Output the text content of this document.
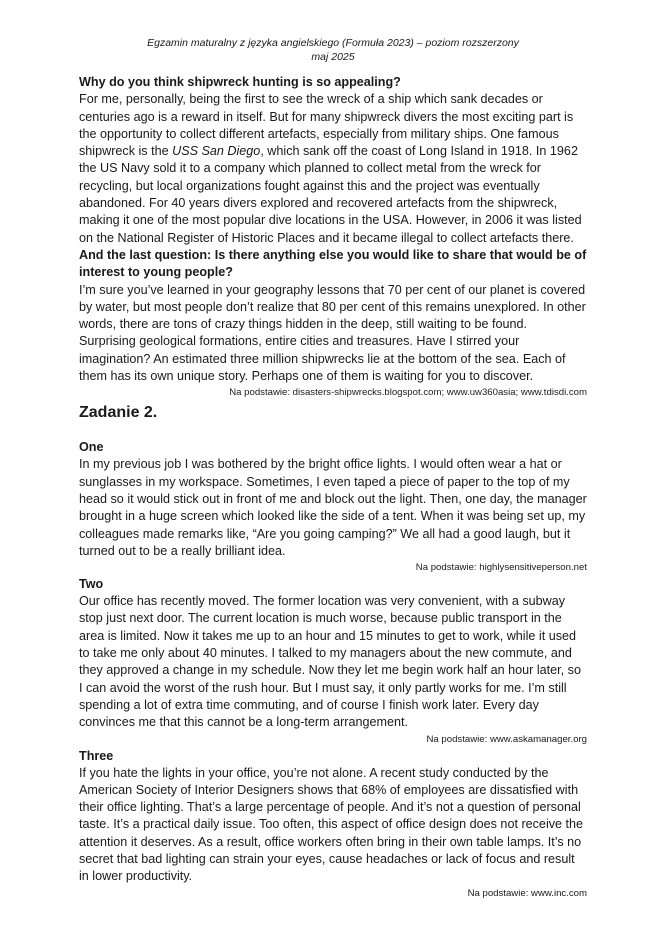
Egzamin maturalny z języka angielskiego (Formuła 2023) – poziom rozszerzony
maj 2025

Why do you think shipwreck hunting is so appealing?

For me, personally, being the first to see the wreck of a ship which sank decades or centuries ago is a reward in itself. But for many shipwreck divers the most exciting part is the opportunity to collect different artefacts, especially from military ships. One famous shipwreck is the USS San Diego, which sank off the coast of Long Island in 1918. In 1962 the US Navy sold it to a company which planned to collect metal from the wreck for recycling, but local organizations fought against this and the project was eventually abandoned. For 40 years divers explored and recovered artefacts from the shipwreck, making it one of the most popular dive locations in the USA. However, in 2006 it was listed on the National Register of Historic Places and it became illegal to collect artefacts there.

And the last question: Is there anything else you would like to share that would be of interest to young people?

I’m sure you’ve learned in your geography lessons that 70 per cent of our planet is covered by water, but most people don’t realize that 80 per cent of this remains unexplored. In other words, there are tons of crazy things hidden in the deep, still waiting to be found. Surprising geological formations, entire cities and treasures. Have I stirred your imagination? An estimated three million shipwrecks lie at the bottom of the sea. Each of them has its own unique story. Perhaps one of them is waiting for you to discover.

Na podstawie: disasters-shipwrecks.blogspot.com; www.uw360asia; www.tdisdi.com
Zadanie 2.
One

In my previous job I was bothered by the bright office lights. I would often wear a hat or sunglasses in my workspace. Sometimes, I even taped a piece of paper to the top of my head so it would stick out in front of me and block out the light. Then, one day, the manager brought in a huge screen which looked like the side of a tent. When it was being set up, my colleagues made remarks like, “Are you going camping?” We all had a good laugh, but it turned out to be a really brilliant idea.

Na podstawie: highlysensitiveperson.net
Two

Our office has recently moved. The former location was very convenient, with a subway stop just next door. The current location is much worse, because public transport in the area is limited. Now it takes me up to an hour and 15 minutes to get to work, while it used to take me only about 40 minutes. I talked to my managers about the new commute, and they approved a change in my schedule. Now they let me begin work half an hour later, so I can avoid the worst of the rush hour. But I must say, it only partly works for me. I’m still spending a lot of extra time commuting, and of course I finish work later. Every day convinces me that this cannot be a long-term arrangement.

Na podstawie: www.askamanager.org
Three

If you hate the lights in your office, you’re not alone. A recent study conducted by the American Society of Interior Designers shows that 68% of employees are dissatisfied with their office lighting. That’s a large percentage of people. And it’s not a question of personal taste. It’s a practical daily issue. Too often, this aspect of office design does not receive the attention it deserves. As a result, office workers often bring in their own table lamps. It’s no secret that bad lighting can strain your eyes, cause headaches or lack of focus and result in lower productivity.

Na podstawie: www.inc.com
